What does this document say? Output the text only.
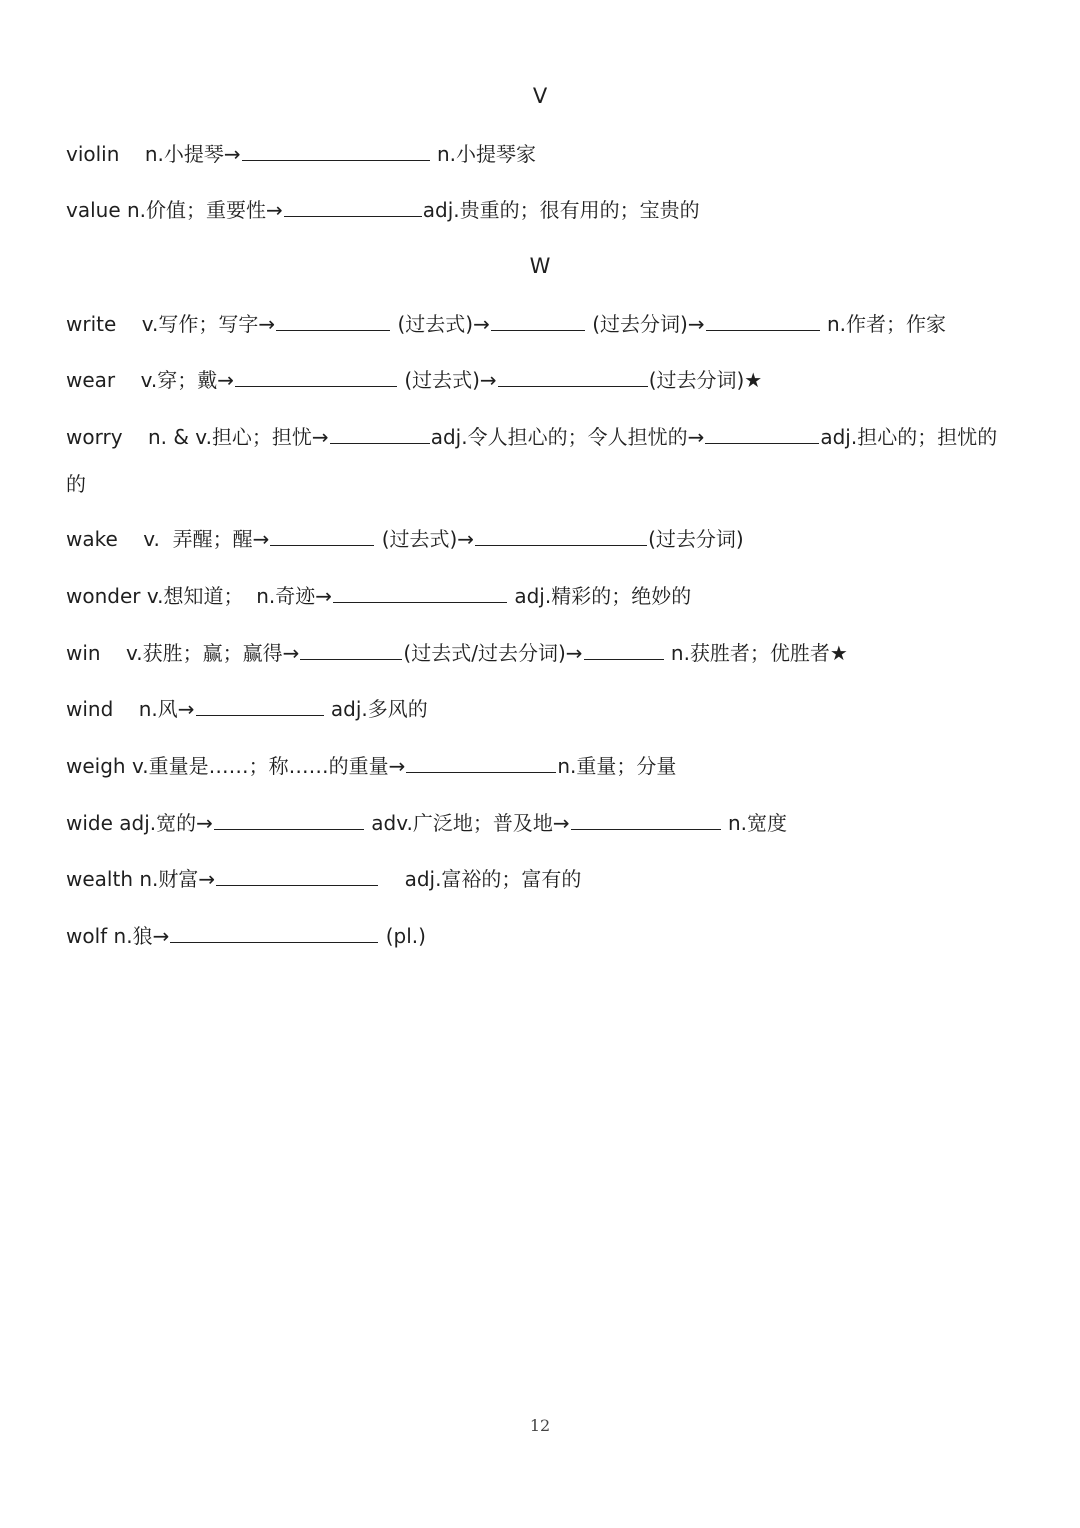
V
violin    n.小提琴→	n.小提琴家
value n.价值；重要性→	adj.贵重的；很有用的；宝贵的
W
write    v.写作；写字→	(过去式)→	(过去分词)→	n.作者；作家
wear    v.穿；戴→	(过去式)→	(过去分词)★
worry    n. & v.担心；担忧→	adj.令人担心的；令人担忧的→	adj.担心的；担忧的
的
wake    v.  弄醒；醒→	(过去式)→	(过去分词)
wonder v.想知道；  n.奇迹→	adj.精彩的；绝妙的
win    v.获胜；赢；赢得→	(过去式/过去分词)→	n.获胜者；优胜者★
wind    n.风→	adj.多风的
weigh v.重量是……；称……的重量→	n.重量；分量
wide adj.宽的→	adv.广泛地；普及地→	n.宽度
wealth n.财富→	adj.富裕的；富有的
wolf n.狼→	(pl.)
12
